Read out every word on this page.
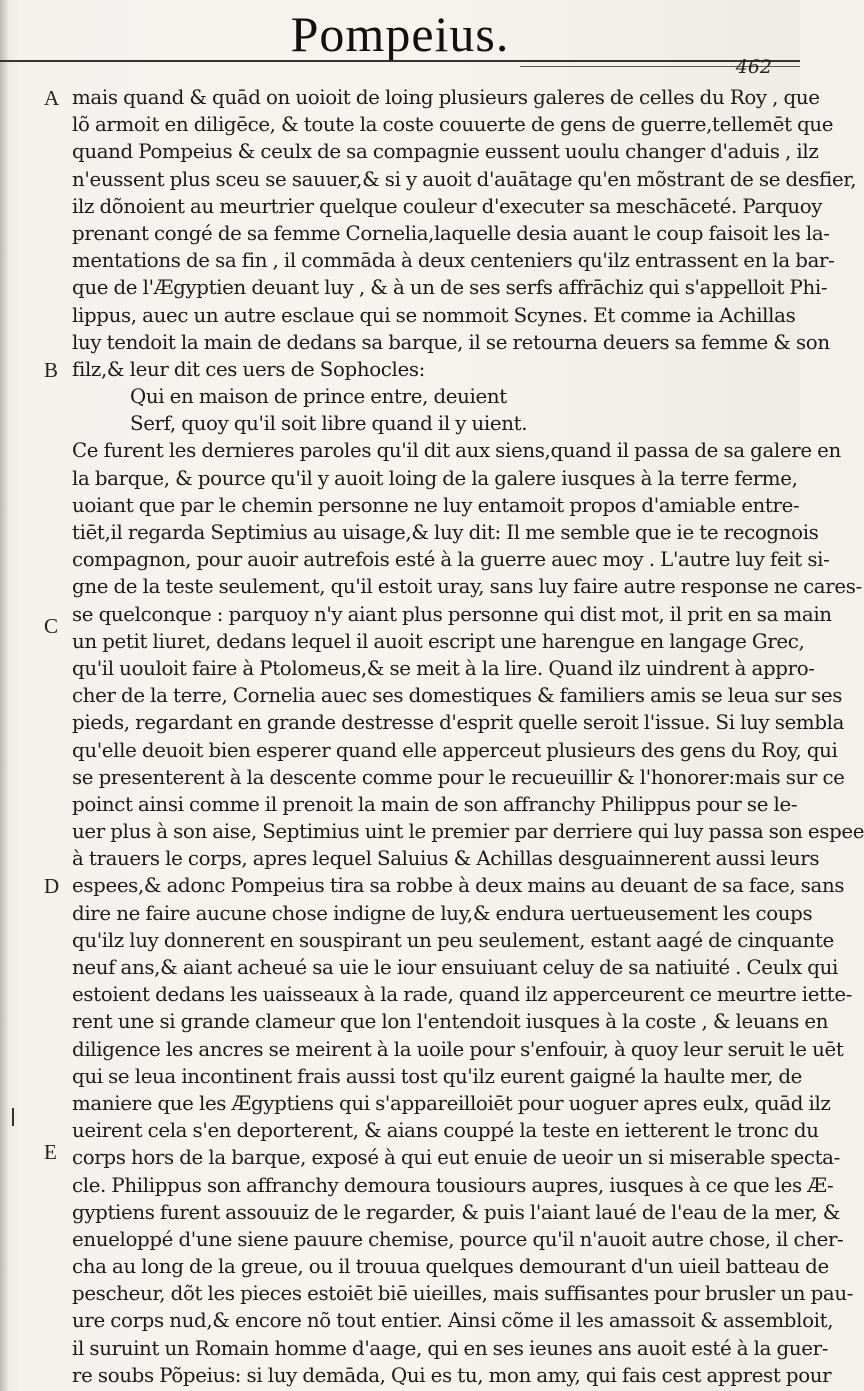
Pompeius.
462
A
B
C
D
E
mais quand & quād on uoioit de loing plusieurs galeres de celles du Roy , que
lõ armoit en diligēce, & toute la coste couuerte de gens de guerre,tellemēt que
quand Pompeius & ceulx de sa compagnie eussent uoulu changer d'aduis , ilz
n'eussent plus sceu se sauuer,& si y auoit d'auātage qu'en mõstrant de se desfier,
ilz dõnoient au meurtrier quelque couleur d'executer sa meschāceté. Parquoy
prenant congé de sa femme Cornelia,laquelle desia auant le coup faisoit les la-
mentations de sa fin , il commāda à deux centeniers qu'ilz entrassent en la bar-
que de l'Ægyptien deuant luy , & à un de ses serfs affrāchiz qui s'appelloit Phi-
lippus, auec un autre esclaue qui se nommoit Scynes. Et comme ia Achillas
luy tendoit la main de dedans sa barque, il se retourna deuers sa femme & son
filz,& leur dit ces uers de Sophocles:
Qui en maison de prince entre, deuient
Serf, quoy qu'il soit libre quand il y uient.
Ce furent les dernieres paroles qu'il dit aux siens,quand il passa de sa galere en
la barque, & pource qu'il y auoit loing de la galere iusques à la terre ferme,
uoiant que par le chemin personne ne luy entamoit propos d'amiable entre-
tiēt,il regarda Septimius au uisage,& luy dit: Il me semble que ie te recognois
compagnon, pour auoir autrefois esté à la guerre auec moy . L'autre luy feit si-
gne de la teste seulement, qu'il estoit uray, sans luy faire autre response ne cares-
se quelconque : parquoy n'y aiant plus personne qui dist mot, il prit en sa main
un petit liuret, dedans lequel il auoit escript une harengue en langage Grec,
qu'il uouloit faire à Ptolomeus,& se meit à la lire. Quand ilz uindrent à appro-
cher de la terre, Cornelia auec ses domestiques & familiers amis se leua sur ses
pieds, regardant en grande destresse d'esprit quelle seroit l'issue. Si luy sembla
qu'elle deuoit bien esperer quand elle apperceut plusieurs des gens du Roy, qui
se presenterent à la descente comme pour le recueuillir & l'honorer:mais sur ce
poinct ainsi comme il prenoit la main de son affranchy Philippus pour se le-
uer plus à son aise, Septimius uint le premier par derriere qui luy passa son espee
à trauers le corps, apres lequel Saluius & Achillas desguainnerent aussi leurs
espees,& adonc Pompeius tira sa robbe à deux mains au deuant de sa face, sans
dire ne faire aucune chose indigne de luy,& endura uertueusement les coups
qu'ilz luy donnerent en souspirant un peu seulement, estant aagé de cinquante
neuf ans,& aiant acheué sa uie le iour ensuiuant celuy de sa natiuité . Ceulx qui
estoient dedans les uaisseaux à la rade, quand ilz apperceurent ce meurtre iette-
rent une si grande clameur que lon l'entendoit iusques à la coste , & leuans en
diligence les ancres se meirent à la uoile pour s'enfouir, à quoy leur seruit le uēt
qui se leua incontinent frais aussi tost qu'ilz eurent gaigné la haulte mer, de
maniere que les Ægyptiens qui s'appareilloiēt pour uoguer apres eulx, quād ilz
ueirent cela s'en deporterent, & aians couppé la teste en ietterent le tronc du
corps hors de la barque, exposé à qui eut enuie de ueoir un si miserable specta-
cle. Philippus son affranchy demoura tousiours aupres, iusques à ce que les Æ-
gyptiens furent assouuiz de le regarder, & puis l'aiant laué de l'eau de la mer, &
enueloppé d'une siene pauure chemise, pource qu'il n'auoit autre chose, il cher-
cha au long de la greue, ou il trouua quelques demourant d'un uieil batteau de
pescheur, dõt les pieces estoiēt biē uieilles, mais suffisantes pour brusler un pau-
ure corps nud,& encore nõ tout entier. Ainsi cõme il les amassoit & assembloit,
il suruint un Romain homme d'aage, qui en ses ieunes ans auoit esté à la guer-
re soubs Põpeius: si luy demāda, Qui es tu, mon amy, qui fais cest apprest pour
